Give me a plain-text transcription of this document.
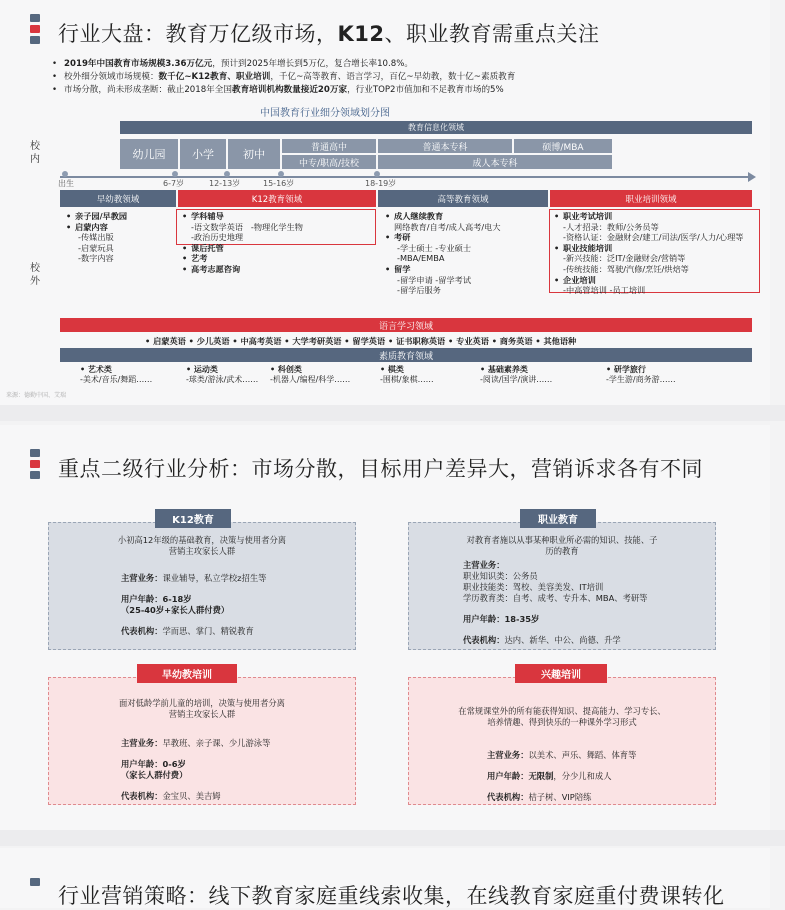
行业大盘：教育万亿级市场，K12、职业教育需重点关注
• 2019年中国教育市场规模3.36万亿元，预计到2025年增长到5万亿，复合增长率10.8%。
• 校外细分领域市场规模：数千亿~K12教育、职业培训，千亿~高等教育、语言学习，百亿~早幼教，数十亿~素质教育
• 市场分散，尚未形成垄断：截止2018年全国教育培训机构数量接近20万家，行业TOP2市值加和不足教育市场的5%
中国教育行业细分领域划分图
校内
校外
教育信息化领域
幼儿园	小学	初中
普通高中
中专/职高/技校
普通本专科
成人本专科
硕博/MBA
出生	6-7岁	12-13岁	15-16岁	18-19岁
早幼教领域	K12教育领域	高等教育领域	职业培训领域
• 亲子园/早教园
• 启蒙内容
-传媒出版
-启蒙玩具
-数字内容
• 学科辅导
-语文数学英语 -物理化学生物
-政治历史地理
• 课后托管
• 艺考
• 高考志愿咨询
• 成人继续教育
网络教育/自考/成人高考/电大
• 考研
-学士硕士 -专业硕士
-MBA/EMBA
• 留学
-留学申请 -留学考试
-留学后服务
• 职业考试培训
-人才招录：教师/公务员等
-资格认证：金融财会/建工/司法/医学/人力/心理等
• 职业技能培训
-新兴技能：泛IT/金融财会/营销等
-传统技能：驾驶/汽修/烹饪/烘焙等
• 企业培训
-中高管培训 -员工培训
语言学习领域
• 启蒙英语 • 少儿英语 • 中高考英语 • 大学考研英语 • 留学英语 • 证书职称英语 • 专业英语 • 商务英语 • 其他语种
素质教育领域
• 艺术类
-美术/音乐/舞蹈……
• 运动类
-球类/游泳/武术……
• 科创类
-机器人/编程/科学……
• 棋类
-围棋/象棋……
• 基础素养类
-阅读/国学/演讲……
• 研学旅行
-学生游/商务游……
来源：德勤中国、艾瑞
重点二级行业分析：市场分散，目标用户差异大，营销诉求各有不同
小初高12年级的基础教育，决策与使用者分离
营销主攻家长人群

主营业务：课业辅导，私立学校z招生等

用户年龄：6-18岁

（25-40岁+家长人群付费）

代表机构：学而思、掌门、精锐教育

K12教育
对教育者施以从事某种职业所必需的知识、技能、子
历的教育

主营业务：

职业知识类：公务员
职业技能类：驾校、美容美发、IT培训

学历教育类：自考、成考、专升本、MBA、考研等

用户年龄：18-35岁

代表机构：达内、新华、中公、尚德、升学

职业教育
面对低龄学前儿童的培训，决策与使用者分离
营销主攻家长人群

主营业务：早教班、亲子课、少儿游泳等

用户年龄：0-6岁

（家长人群付费）

代表机构：金宝贝、美吉姆

早幼教培训
在常规课堂外的所有能获得知识、提高能力、学习专长、
培养情趣、得到快乐的一种课外学习形式

主营业务：以美术、声乐、舞蹈、体育等

用户年龄：无限制，分少儿和成人

代表机构：桔子树、VIP陪练

兴趣培训
行业营销策略：线下教育家庭重线索收集，在线教育家庭重付费课转化
